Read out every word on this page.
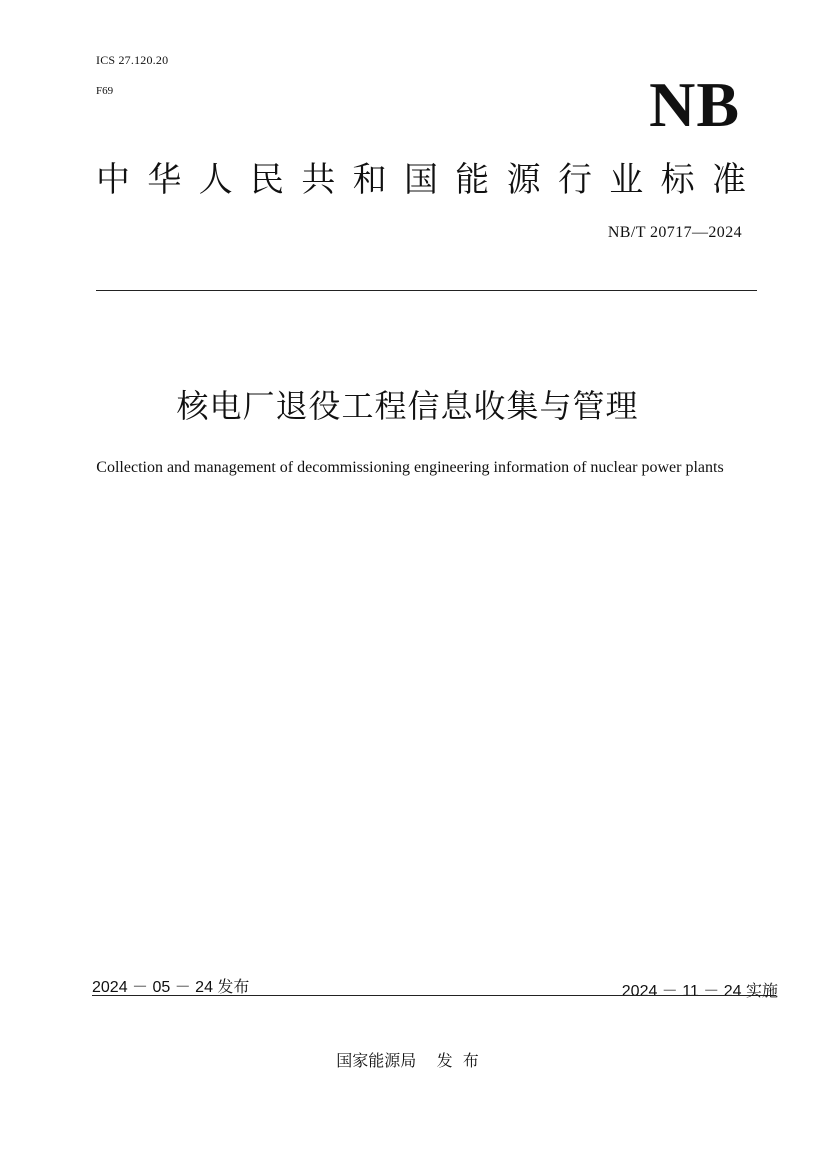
ICS 27.120.20
F69	NB
中 华 人 民 共 和 国 能 源 行 业 标 准
NB/T 20717—2024
核电厂退役工程信息收集与管理
Collection and management of decommissioning engineering information of nuclear power plants
2024 － 05 － 24 发布	2024 － 11 － 24 实施
国家能源局    发  布
